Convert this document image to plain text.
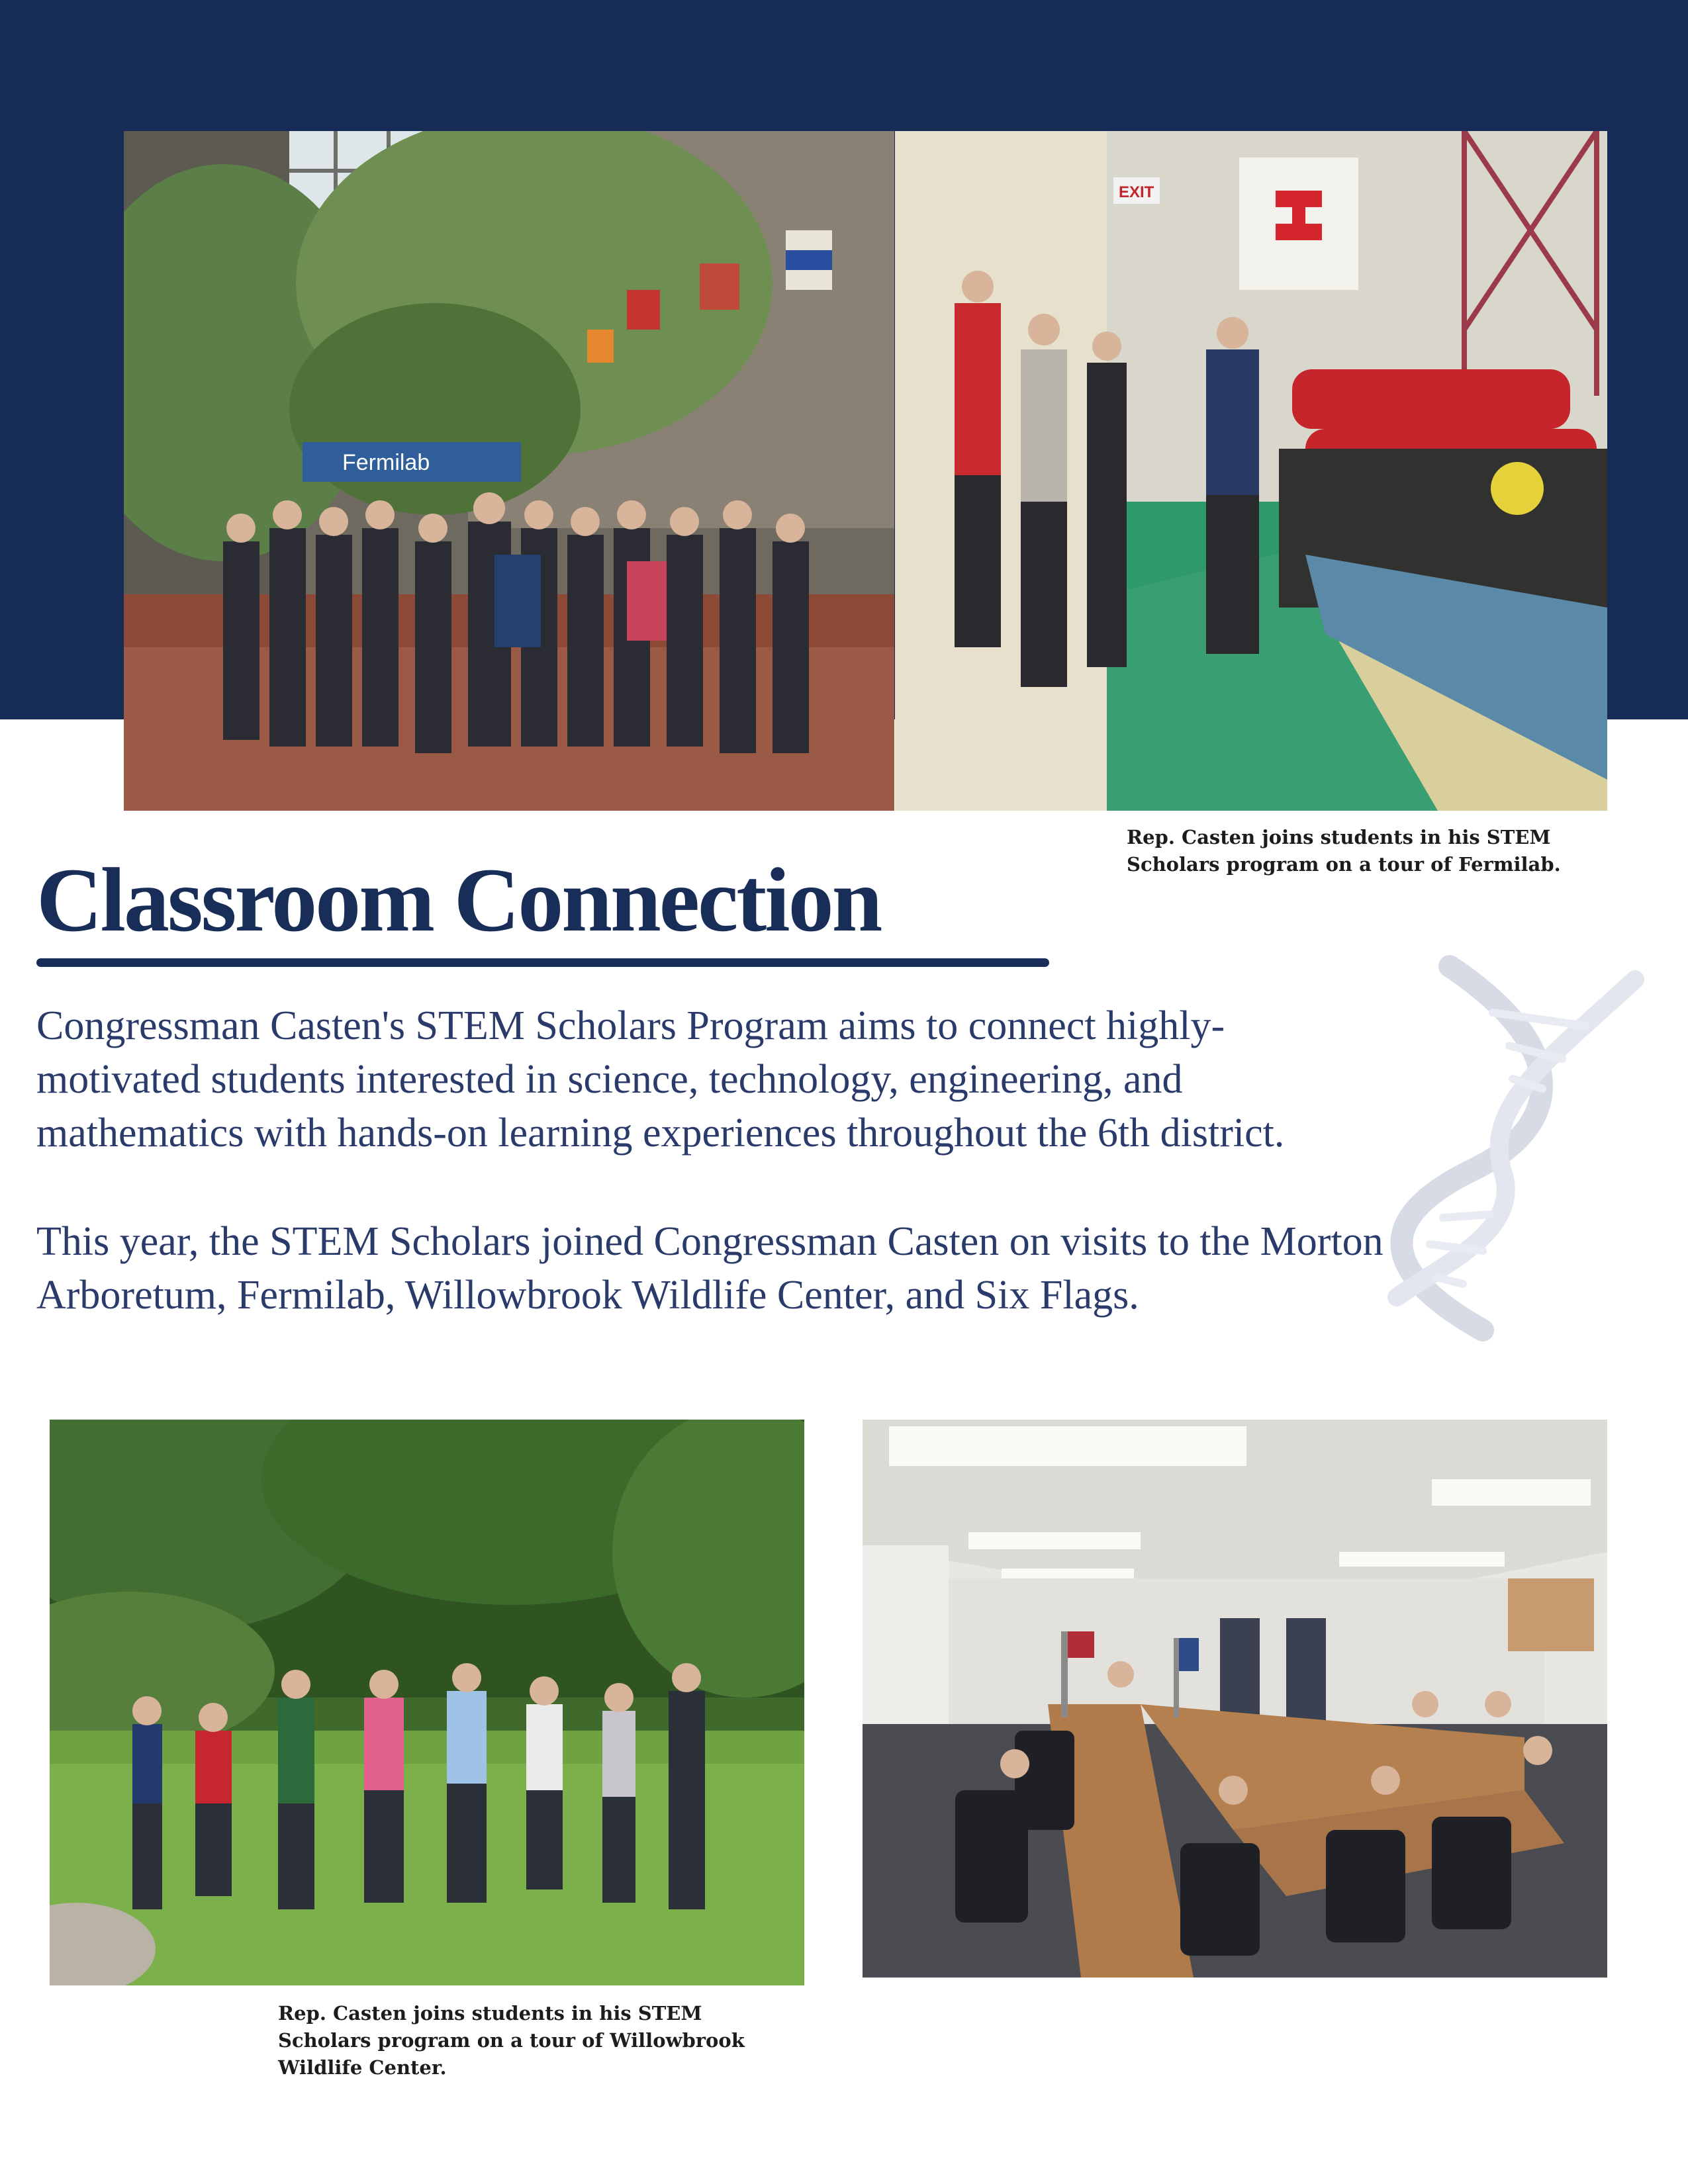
Fermilab
EXIT
Rep. Casten joins students in his STEM Scholars program on a tour of Fermilab.
Classroom Connection

Congressman Casten's STEM Scholars Program aims to connect highly-motivated students interested in science, technology, engineering, and mathematics with hands-on learning experiences throughout the 6th district.

This year, the STEM Scholars joined Congressman Casten on visits to the Morton Arboretum, Fermilab, Willowbrook Wildlife Center, and Six Flags.

Rep. Casten joins students in his STEM Scholars program on a tour of Willowbrook Wildlife Center.
